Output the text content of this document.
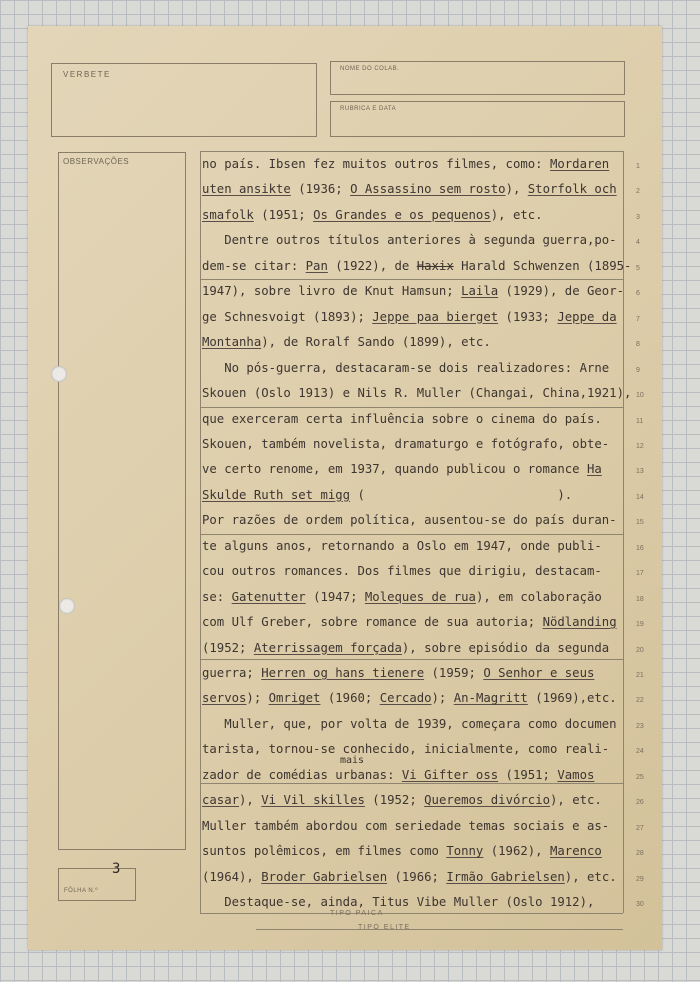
VERBETE
NOME DO COLAB.
RUBRICA E DATA
OBSERVAÇÕES
FÔLHA N.º
3
no país. Ibsen fez muitos outros filmes, como: Mordaren
uten ansikte (1936; O Assassino sem rosto), Storfolk och
smafolk (1951; Os Grandes e os pequenos), etc.
Dentre outros títulos anteriores à segunda guerra,po-
dem-se citar: Pan (1922), de Haxix Harald Schwenzen (1895-
1947), sobre livro de Knut Hamsun; Laila (1929), de Geor-
ge Schnesvoigt (1893); Jeppe paa bierget (1933; Jeppe da
Montanha), de Roralf Sando (1899), etc.
No pós-guerra, destacaram-se dois realizadores: Arne
Skouen (Oslo 1913) e Nils R. Muller (Changai, China,1921),
que exerceram certa influência sobre o cinema do país.
Skouen, também novelista, dramaturgo e fotógrafo, obte-
ve certo renome, em 1937, quando publicou o romance Ha
Skulde Ruth set migg (                          ).
Por razões de ordem política, ausentou-se do país duran-
te alguns anos, retornando a Oslo em 1947, onde publi-
cou outros romances. Dos filmes que dirigiu, destacam-
se: Gatenutter (1947; Moleques de rua), em colaboração
com Ulf Greber, sobre romance de sua autoria; Nödlanding
(1952; Aterrissagem forçada), sobre episódio da segunda
guerra; Herren og hans tienere (1959; O Senhor e seus
servos); Omriget (1960; Cercado); An-Magritt (1969),etc.
Muller, que, por volta de 1939, começara como documen
tarista, tornou-se conhecido, inicialmente, como reali-
zador de comédias urbanas: Vi Gifter oss (1951; Vamos
casar), Vi Vil skilles (1952; Queremos divórcio), etc.
Muller também abordou com seriedade temas sociais e as-
suntos polêmicos, em filmes como Tonny (1962), Marenco
(1964), Broder Gabrielsen (1966; Irmão Gabrielsen), etc.
Destaque-se, ainda, Titus Vibe Muller (Oslo 1912),
1
2
3
4
5
6
7
8
9
10
11
12
13
14
15
16
17
18
19
20
21
22
23
24
25
26
27
28
29
30
mais
TIPO PAICA
TIPO ELITE
